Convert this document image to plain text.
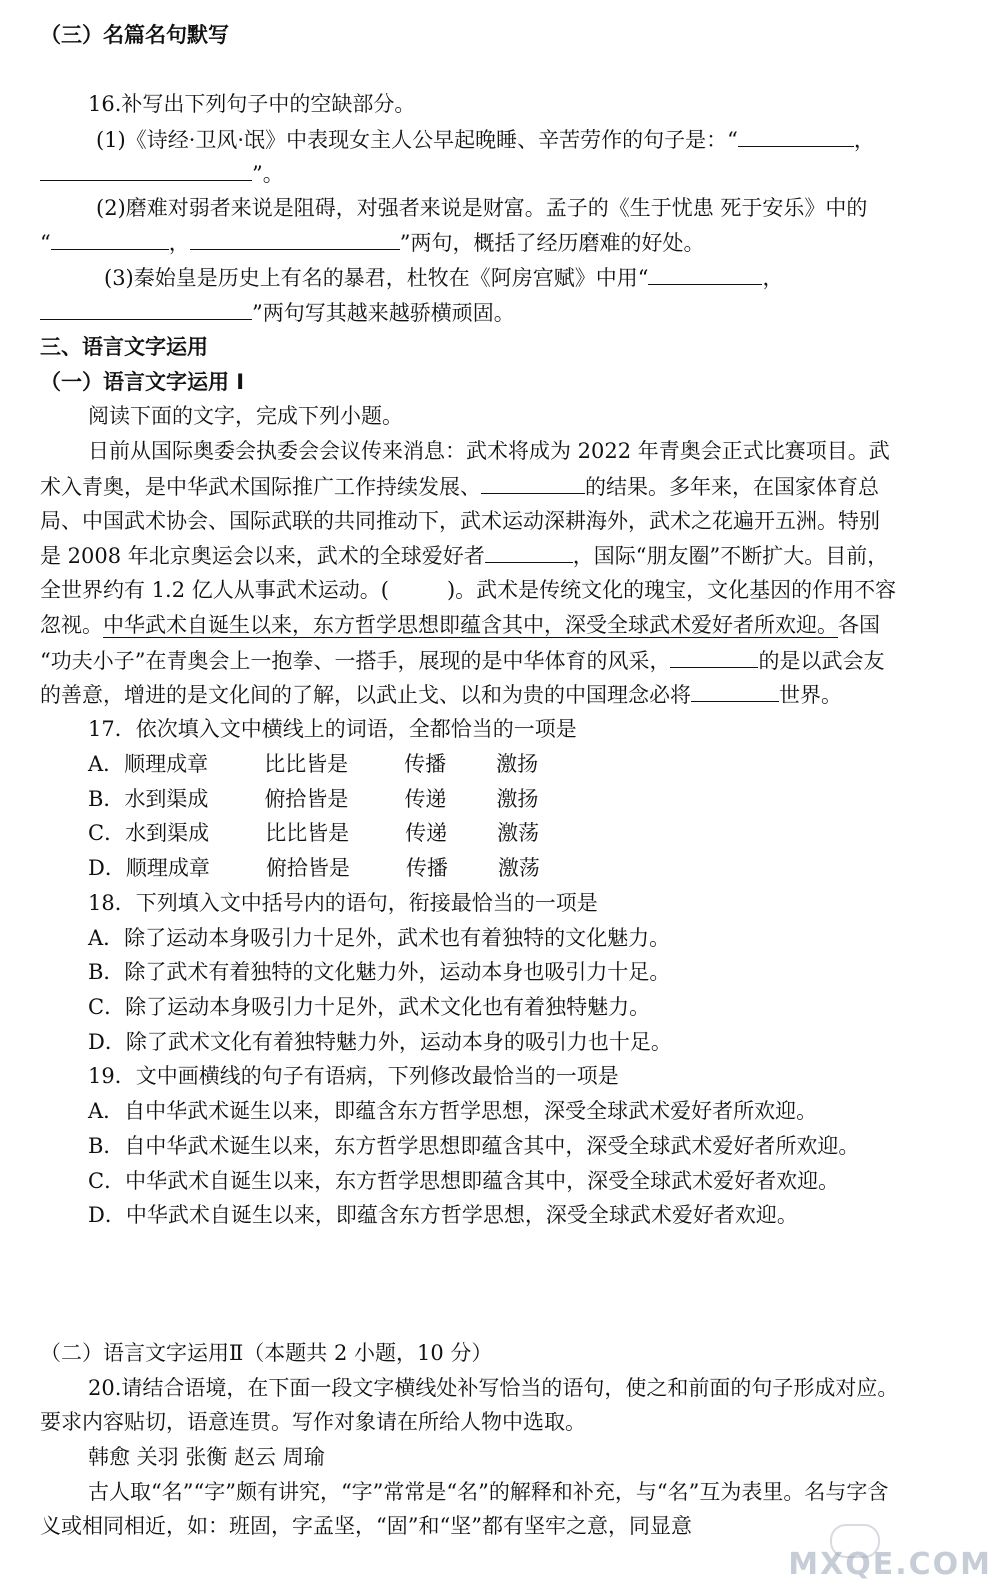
（三）名篇名句默写
16.补写出下列句子中的空缺部分。
(1)《诗经·卫风·氓》中表现女主人公早起晚睡、辛苦劳作的句子是：“	，
”。
(2)磨难对弱者来说是阻碍，对强者来说是财富。孟子的《生于忧患 死于安乐》中的
“	，	”两句，概括了经历磨难的好处。
(3)秦始皇是历史上有名的暴君，杜牧在《阿房宫赋》中用“	，
”两句写其越来越骄横顽固。
三、语言文字运用
（一）语言文字运用 Ⅰ
阅读下面的文字，完成下列小题。
日前从国际奥委会执委会会议传来消息：武术将成为 2022 年青奥会正式比赛项目。武
术入青奥，是中华武术国际推广工作持续发展、	的结果。多年来，在国家体育总
局、中国武术协会、国际武联的共同推动下，武术运动深耕海外，武术之花遍开五洲。特别
是 2008 年北京奥运会以来，武术的全球爱好者	，国际“朋友圈”不断扩大。目前，
全世界约有 1.2 亿人从事武术运动。(	)。武术是传统文化的瑰宝，文化基因的作用不容
忽视。中华武术自诞生以来，东方哲学思想即蕴含其中，深受全球武术爱好者所欢迎。各国
“功夫小子”在青奥会上一抱拳、一搭手，展现的是中华体育的风采，	的是以武会友
的善意，增进的是文化间的了解，以武止戈、以和为贵的中国理念必将	世界。
17．依次填入文中横线上的词语，全都恰当的一项是
A．顺理成章	比比皆是	传播 激扬
B．水到渠成	俯拾皆是	传递 激扬
C．水到渠成	比比皆是	传递 激荡
D．顺理成章	俯拾皆是	传播 激荡
18．下列填入文中括号内的语句，衔接最恰当的一项是
A．除了运动本身吸引力十足外，武术也有着独特的文化魅力。
B．除了武术有着独特的文化魅力外，运动本身也吸引力十足。
C．除了运动本身吸引力十足外，武术文化也有着独特魅力。
D．除了武术文化有着独特魅力外，运动本身的吸引力也十足。
19．文中画横线的句子有语病，下列修改最恰当的一项是
A．自中华武术诞生以来，即蕴含东方哲学思想，深受全球武术爱好者所欢迎。
B．自中华武术诞生以来，东方哲学思想即蕴含其中，深受全球武术爱好者所欢迎。
C．中华武术自诞生以来，东方哲学思想即蕴含其中，深受全球武术爱好者欢迎。
D．中华武术自诞生以来，即蕴含东方哲学思想，深受全球武术爱好者欢迎。
（二）语言文字运用Ⅱ（本题共 2 小题，10 分）
20.请结合语境，在下面一段文字横线处补写恰当的语句，使之和前面的句子形成对应。
要求内容贴切，语意连贯。写作对象请在所给人物中选取。
韩愈 关羽 张衡 赵云 周瑜
古人取“名”“字”颇有讲究，“字”常常是“名”的解释和补充，与“名”互为表里。名与字含
义或相同相近，如：班固，字孟坚，“固”和“坚”都有坚牢之意，同显意
MXQE.COM
